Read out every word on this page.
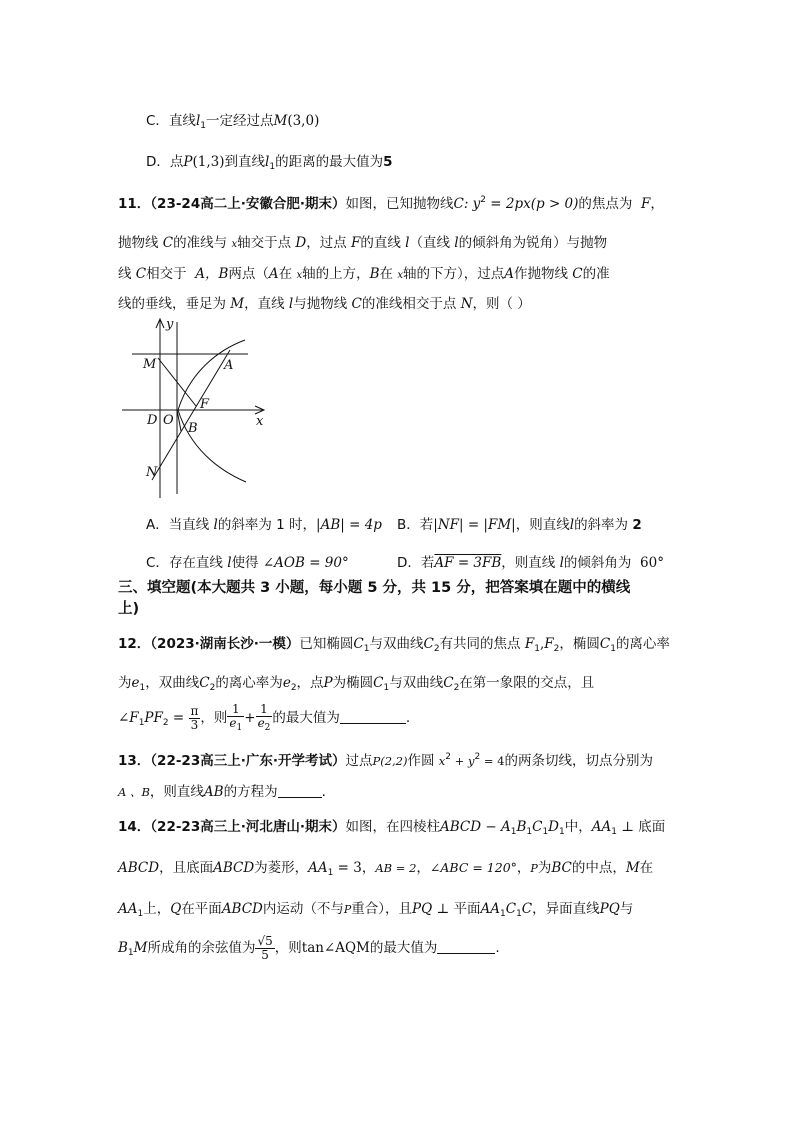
C．直线$l_1$一定经过点M(3,0)
D．点P(1,3)到直线$l_1$的距离的最大值为5
11．（23-24高二上·安徽合肥·期末）如图，已知抛物线C: $y^2 = 2px(p > 0)$的焦点为 F，
抛物线 C的准线与 x轴交于点 D，过点 F的直线 l（直线 l的倾斜角为锐角）与抛物
线 C相交于 A，B两点（A在 x轴的上方，B在 x轴的下方），过点A作抛物线 C的准
线的垂线，垂足为 M，直线 l与抛物线 C的准线相交于点 N，则（ ）
y
x
M	A
F
D O
B
N
A．当直线 l的斜率为 1 时，|AB| = 4p B．若|NF| = |FM|，则直线l的斜率为 2
C．存在直线 l使得 ∠AOB = 90°	D．若AF = 3FB，则直线 l的倾斜角为 60°
三、填空题(本大题共 3 小题，每小题 5 分，共 15 分，把答案填在题中的横线
上)
12．（2023·湖南长沙·一模）已知椭圆$C_1$与双曲线$C_2$有共同的焦点 $F_1,F_2$，椭圆$C_1$的离心率
为$e_1$，双曲线$C_2$的离心率为$e_2$，点P为椭圆$C_1$与双曲线$C_2$在第一象限的交点，且
$\angle F_1PF_2 = \frac{\pi}{3}$ ，则 $\frac{1}{e_1} + \frac{1}{e_2}$ 的最大值为	.
13．（22-23高三上·广东·开学考试）过点P(2,2)作圆 $x^2 + y^2 = 4$的两条切线，切点分别为
A 、B，则直线AB的方程为	.
14．（22-23高三上·河北唐山·期末）如图，在四棱柱ABCD − $A_1B_1C_1D_1$中，$AA_1$ ⊥ 底面
ABCD，且底面ABCD为菱形，$AA_1 = 3$，AB = 2，∠ABC = 120°，P为BC的中点，M在
$AA_1$上，Q在平面ABCD内运动（不与P重合），且PQ ⊥ 平面$AA_1C_1C$，异面直线PQ与
$B_1M$所成角的余弦值为 $\frac{√5}{5}$ ，则tan∠AQM的最大值为	.
